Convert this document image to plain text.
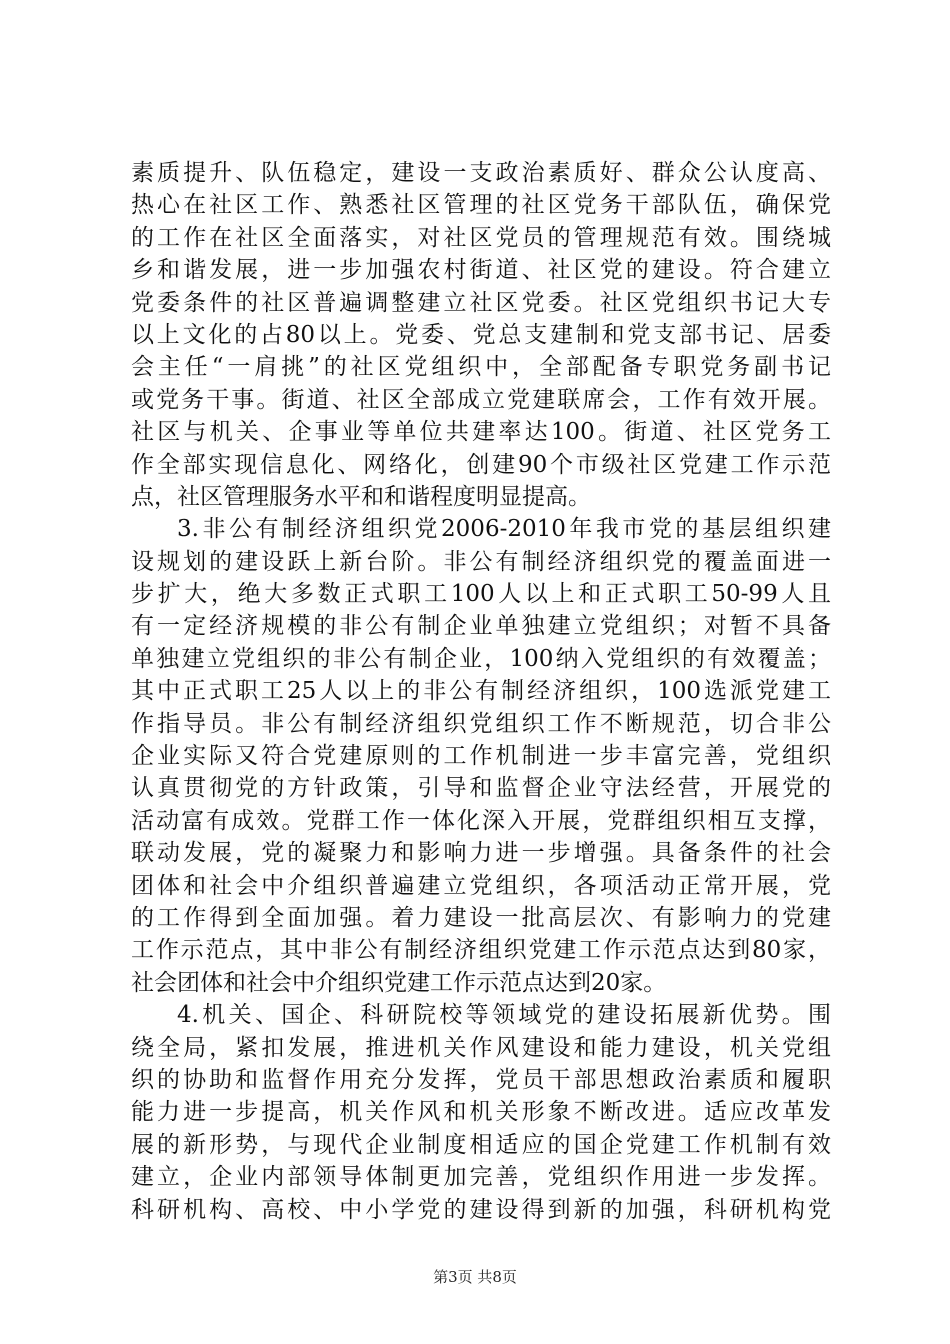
素质提升、队伍稳定，建设一支政治素质好、群众公认度高、
热心在社区工作、熟悉社区管理的社区党务干部队伍，确保党
的工作在社区全面落实，对社区党员的管理规范有效。围绕城
乡和谐发展，进一步加强农村街道、社区党的建设。符合建立
党委条件的社区普遍调整建立社区党委。社区党组织书记大专
以上文化的占80以上。党委、党总支建制和党支部书记、居委
会主任“一肩挑”的社区党组织中，全部配备专职党务副书记
或党务干事。街道、社区全部成立党建联席会，工作有效开展。
社区与机关、企事业等单位共建率达100。街道、社区党务工
作全部实现信息化、网络化，创建90个市级社区党建工作示范
点，社区管理服务水平和和谐程度明显提高。
3.非公有制经济组织党2006-2010年我市党的基层组织建
设规划的建设跃上新台阶。非公有制经济组织党的覆盖面进一
步扩大，绝大多数正式职工100人以上和正式职工50-99人且
有一定经济规模的非公有制企业单独建立党组织；对暂不具备
单独建立党组织的非公有制企业，100纳入党组织的有效覆盖；
其中正式职工25人以上的非公有制经济组织，100选派党建工
作指导员。非公有制经济组织党组织工作不断规范，切合非公
企业实际又符合党建原则的工作机制进一步丰富完善，党组织
认真贯彻党的方针政策，引导和监督企业守法经营，开展党的
活动富有成效。党群工作一体化深入开展，党群组织相互支撑，
联动发展，党的凝聚力和影响力进一步增强。具备条件的社会
团体和社会中介组织普遍建立党组织，各项活动正常开展，党
的工作得到全面加强。着力建设一批高层次、有影响力的党建
工作示范点，其中非公有制经济组织党建工作示范点达到80家，
社会团体和社会中介组织党建工作示范点达到20家。
4.机关、国企、科研院校等领域党的建设拓展新优势。围
绕全局，紧扣发展，推进机关作风建设和能力建设，机关党组
织的协助和监督作用充分发挥，党员干部思想政治素质和履职
能力进一步提高，机关作风和机关形象不断改进。适应改革发
展的新形势，与现代企业制度相适应的国企党建工作机制有效
建立，企业内部领导体制更加完善，党组织作用进一步发挥。
科研机构、高校、中小学党的建设得到新的加强，科研机构党
第3页 共8页
